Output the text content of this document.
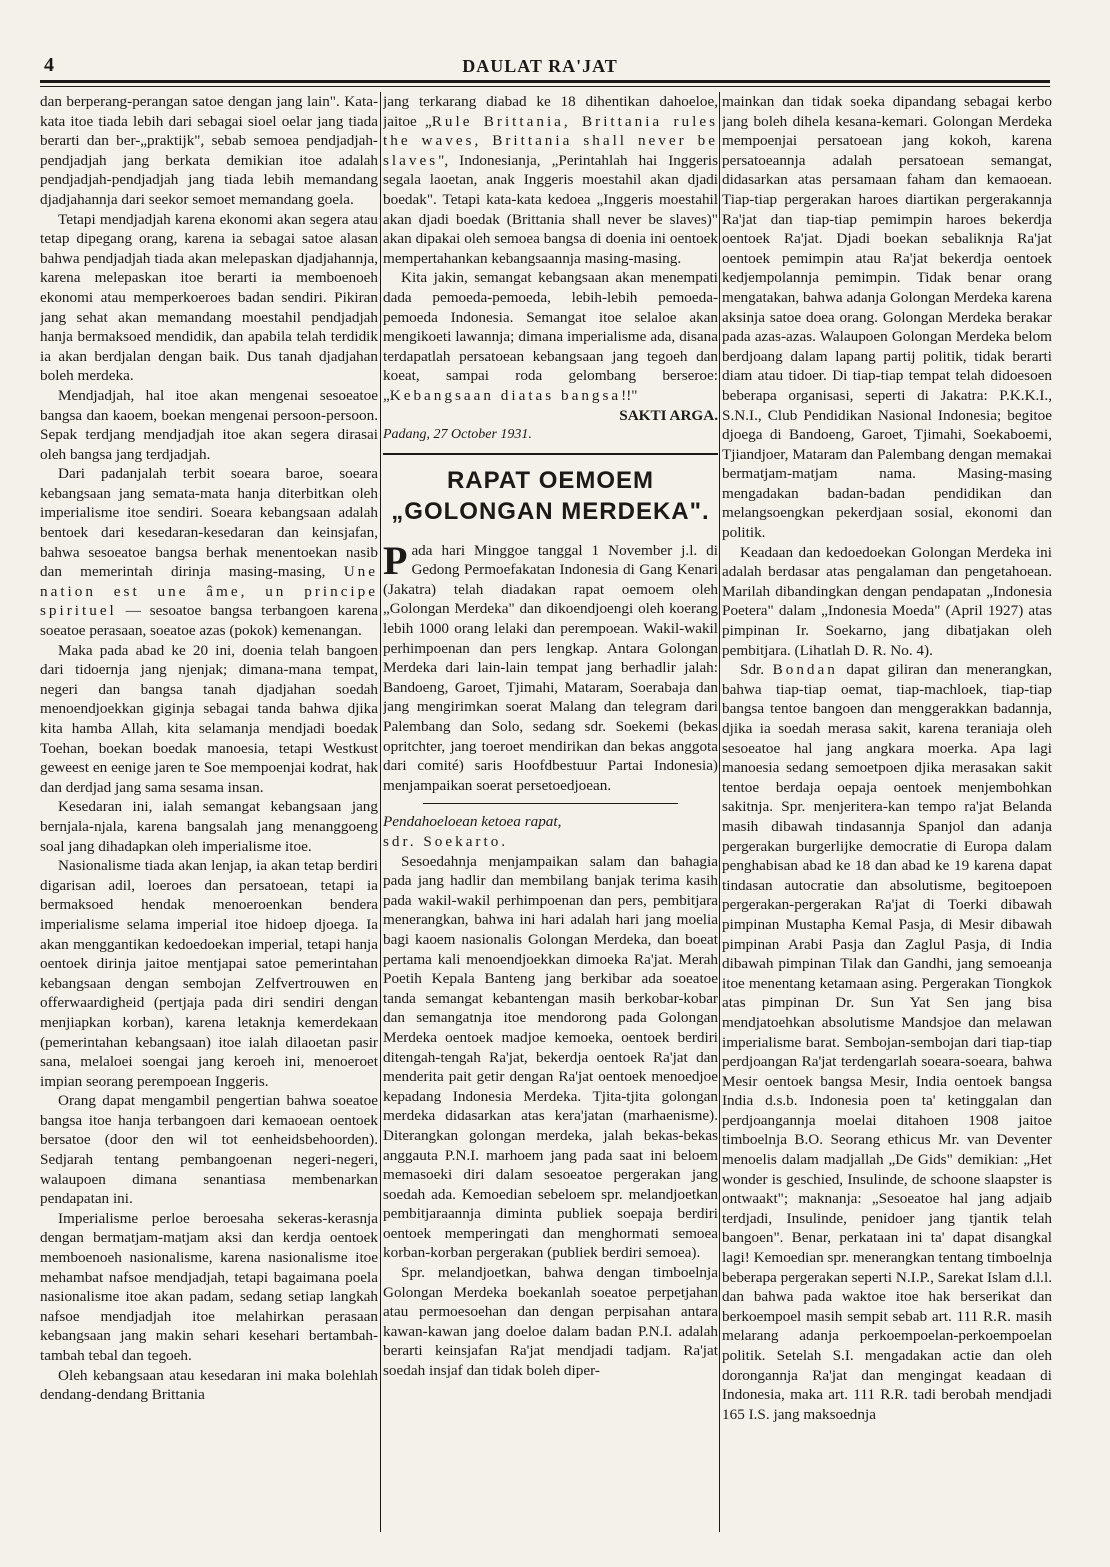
4	DAULAT RA'JAT

dan berperang-perangan satoe dengan jang lain". Kata-kata itoe tiada lebih dari sebagai sioel oelar jang tiada berarti dan ber-„praktijk", sebab semoea pendjadjah-pendjadjah jang berkata demikian itoe adalah pendjadjah-pendjadjah jang tiada lebih memandang djadjahannja dari seekor semoet memandang goela.

Tetapi mendjadjah karena ekonomi akan segera atau tetap dipegang orang, karena ia sebagai satoe alasan bahwa pendjadjah tiada akan melepaskan djadjahannja, karena melepaskan itoe berarti ia memboenoeh ekonomi atau memperkoeroes badan sendiri. Pikiran jang sehat akan memandang moestahil pendjadjah hanja bermaksoed mendidik, dan apabila telah terdidik ia akan berdjalan dengan baik. Dus tanah djadjahan boleh merdeka.

Mendjadjah, hal itoe akan mengenai sesoeatoe bangsa dan kaoem, boekan mengenai persoon-persoon. Sepak terdjang mendjadjah itoe akan segera dirasai oleh bangsa jang terdjadjah.

Dari padanjalah terbit soeara baroe, soeara kebangsaan jang semata-mata hanja diterbitkan oleh imperialisme itoe sendiri. Soeara kebangsaan adalah bentoek dari kesedaran-kesedaran dan keinsjafan, bahwa sesoeatoe bangsa berhak menentoekan nasib dan memerintah dirinja masing-masing, Une nation est une âme, un principe spirituel — sesoatoe bangsa terbangoen karena soeatoe perasaan, soeatoe azas (pokok) kemenangan.

Maka pada abad ke 20 ini, doenia telah bangoen dari tidoernja jang njenjak; dimana-mana tempat, negeri dan bangsa tanah djadjahan soedah menoendjoekkan giginja sebagai tanda bahwa djika kita hamba Allah, kita selamanja mendjadi boedak Toehan, boekan boedak manoesia, tetapi Westkust geweest en eenige jaren te Soe mempoenjai kodrat, hak dan derdjad jang sama sesama insan.

Kesedaran ini, ialah semangat kebangsaan jang bernjala-njala, karena bangsalah jang menanggoeng soal jang dihadapkan oleh imperialisme itoe.

Nasionalisme tiada akan lenjap, ia akan tetap berdiri digarisan adil, loeroes dan persatoean, tetapi ia bermaksoed hendak menoeroenkan bendera imperialisme selama imperial itoe hidoep djoega. Ia akan menggantikan kedoedoekan imperial, tetapi hanja oentoek dirinja jaitoe mentjapai satoe pemerintahan kebangsaan dengan sembojan Zelfvertrouwen en offerwaardigheid (pertjaja pada diri sendiri dengan menjiapkan korban), karena letaknja kemerdekaan (pemerintahan kebangsaan) itoe ialah dilaoetan pasir sana, melaloei soengai jang keroeh ini, menoeroet impian seorang perempoean Inggeris.

Orang dapat mengambil pengertian bahwa soeatoe bangsa itoe hanja terbangoen dari kemaoean oentoek bersatoe (door den wil tot eenheidsbehoorden). Sedjarah tentang pembangoenan negeri-negeri, walaupoen dimana senantiasa membenarkan pendapatan ini.

Imperialisme perloe beroesaha sekeras-kerasnja dengan bermatjam-matjam aksi dan kerdja oentoek memboenoeh nasionalisme, karena nasionalisme itoe mehambat nafsoe mendjadjah, tetapi bagaimana poela nasionalisme itoe akan padam, sedang setiap langkah nafsoe mendjadjah itoe melahirkan perasaan kebangsaan jang makin sehari kesehari bertambah-tambah tebal dan tegoeh.

Oleh kebangsaan atau kesedaran ini maka bolehlah dendang-dendang Brittania

jang terkarang diabad ke 18 dihentikan dahoeloe, jaitoe „Rule Brittania, Brittania rules the waves, Brittania shall never be slaves", Indonesianja, „Perintahlah hai Inggeris segala laoetan, anak Inggeris moestahil akan djadi boedak". Tetapi kata-kata kedoea „Inggeris moestahil akan djadi boedak (Brittania shall never be slaves)" akan dipakai oleh semoea bangsa di doenia ini oentoek mempertahankan kebangsaannja masing-masing.

Kita jakin, semangat kebangsaan akan menempati dada pemoeda-pemoeda, lebih-lebih pemoeda-pemoeda Indonesia. Semangat itoe selaloe akan mengikoeti lawannja; dimana imperialisme ada, disana terdapatlah persatoean kebangsaan jang tegoeh dan koeat, sampai roda gelombang berseroe: „Kebangsaan diatas bangsa!!"

SAKTI ARGA.
Padang, 27 October 1931.
RAPAT OEMOEM
„GOLONGAN MERDEKA".

Pada hari Minggoe tanggal 1 November j.l. di Gedong Permoefakatan Indonesia di Gang Kenari (Jakatra) telah diadakan rapat oemoem oleh „Golongan Merdeka" dan dikoendjoengi oleh koerang lebih 1000 orang lelaki dan perempoean. Wakil-wakil perhimpoenan dan pers lengkap. Antara Golongan Merdeka dari lain-lain tempat jang berhadlir jalah: Bandoeng, Garoet, Tjimahi, Mataram, Soerabaja dan jang mengirimkan soerat Malang dan telegram dari Palembang dan Solo, sedang sdr. Soekemi (bekas opritchter, jang toeroet mendirikan dan bekas anggota dari comité) saris Hoofdbestuur Partai Indonesia) menjampaikan soerat persetoedjoean.

Pendahoeloean ketoea rapat,

sdr. Soekarto.

Sesoedahnja menjampaikan salam dan bahagia pada jang hadlir dan membilang banjak terima kasih pada wakil-wakil perhimpoenan dan pers, pembitjara menerangkan, bahwa ini hari adalah hari jang moelia bagi kaoem nasionalis Golongan Merdeka, dan boeat pertama kali menoendjoekkan dimoeka Ra'jat. Merah Poetih Kepala Banteng jang berkibar ada soeatoe tanda semangat kebantengan masih berkobar-kobar dan semangatnja itoe mendorong pada Golongan Merdeka oentoek madjoe kemoeka, oentoek berdiri ditengah-tengah Ra'jat, bekerdja oentoek Ra'jat dan menderita pait getir dengan Ra'jat oentoek menoedjoe kepadang Indonesia Merdeka. Tjita-tjita golongan merdeka didasarkan atas kera'jatan (marhaenisme). Diterangkan golongan merdeka, jalah bekas-bekas anggauta P.N.I. marhoem jang pada saat ini beloem memasoeki diri dalam sesoeatoe pergerakan jang soedah ada. Kemoedian sebeloem spr. melandjoetkan pembitjaraannja diminta publiek soepaja berdiri oentoek memperingati dan menghormati semoea korban-korban pergerakan (publiek berdiri semoea).

Spr. melandjoetkan, bahwa dengan timboelnja Golongan Merdeka boekanlah soeatoe perpetjahan atau permoesoehan dan dengan perpisahan antara kawan-kawan jang doeloe dalam badan P.N.I. adalah berarti keinsjafan Ra'jat mendjadi tadjam. Ra'jat soedah insjaf dan tidak boleh diper-

mainkan dan tidak soeka dipandang sebagai kerbo jang boleh dihela kesana-kemari. Golongan Merdeka mempoenjai persatoean jang kokoh, karena persatoeannja adalah persatoean semangat, didasarkan atas persamaan faham dan kemaoean. Tiap-tiap pergerakan haroes diartikan pergerakannja Ra'jat dan tiap-tiap pemimpin haroes bekerdja oentoek Ra'jat. Djadi boekan sebaliknja Ra'jat oentoek pemimpin atau Ra'jat bekerdja oentoek kedjempolannja pemimpin. Tidak benar orang mengatakan, bahwa adanja Golongan Merdeka karena aksinja satoe doea orang. Golongan Merdeka berakar pada azas-azas. Walaupoen Golongan Merdeka belom berdjoang dalam lapang partij politik, tidak berarti diam atau tidoer. Di tiap-tiap tempat telah didoesoen beberapa organisasi, seperti di Jakatra: P.K.K.I., S.N.I., Club Pendidikan Nasional Indonesia; begitoe djoega di Bandoeng, Garoet, Tjimahi, Soekaboemi, Tjiandjoer, Mataram dan Palembang dengan memakai bermatjam-matjam nama. Masing-masing mengadakan badan-badan pendidikan dan melangsoengkan pekerdjaan sosial, ekonomi dan politik.

Keadaan dan kedoedoekan Golongan Merdeka ini adalah berdasar atas pengalaman dan pengetahoean. Marilah dibandingkan dengan pendapatan „Indonesia Poetera" dalam „Indonesia Moeda" (April 1927) atas pimpinan Ir. Soekarno, jang dibatjakan oleh pembitjara. (Lihatlah D. R. No. 4).

Sdr. Bondan dapat giliran dan menerangkan, bahwa tiap-tiap oemat, tiap-machloek, tiap-tiap bangsa tentoe bangoen dan menggerakkan badannja, djika ia soedah merasa sakit, karena teraniaja oleh sesoeatoe hal jang angkara moerka. Apa lagi manoesia sedang semoetpoen djika merasakan sakit tentoe berdaja oepaja oentoek menjembohkan sakitnja. Spr. menjeritera-kan tempo ra'jat Belanda masih dibawah tindasannja Spanjol dan adanja pergerakan burgerlijke democratie di Europa dalam penghabisan abad ke 18 dan abad ke 19 karena dapat tindasan autocratie dan absolutisme, begitoepoen pergerakan-pergerakan Ra'jat di Toerki dibawah pimpinan Mustapha Kemal Pasja, di Mesir dibawah pimpinan Arabi Pasja dan Zaglul Pasja, di India dibawah pimpinan Tilak dan Gandhi, jang semoeanja itoe menentang ketamaan asing. Pergerakan Tiongkok atas pimpinan Dr. Sun Yat Sen jang bisa mendjatoehkan absolutisme Mandsjoe dan melawan imperialisme barat. Sembojan-sembojan dari tiap-tiap perdjoangan Ra'jat terdengarlah soeara-soeara, bahwa Mesir oentoek bangsa Mesir, India oentoek bangsa India d.s.b. Indonesia poen ta' ketinggalan dan perdjoangannja moelai ditahoen 1908 jaitoe timboelnja B.O. Seorang ethicus Mr. van Deventer menoelis dalam madjallah „De Gids" demikian: „Het wonder is geschied, Insulinde, de schoone slaapster is ontwaakt"; maknanja: „Sesoeatoe hal jang adjaib terdjadi, Insulinde, penidoer jang tjantik telah bangoen". Benar, perkataan ini ta' dapat disangkal lagi! Kemoedian spr. menerangkan tentang timboelnja beberapa pergerakan seperti N.I.P., Sarekat Islam d.l.l. dan bahwa pada waktoe itoe hak berserikat dan berkoempoel masih sempit sebab art. 111 R.R. masih melarang adanja perkoempoelan-perkoempoelan politik. Setelah S.I. mengadakan actie dan oleh dorongannja Ra'jat dan mengingat keadaan di Indonesia, maka art. 111 R.R. tadi berobah mendjadi 165 I.S. jang maksoednja
